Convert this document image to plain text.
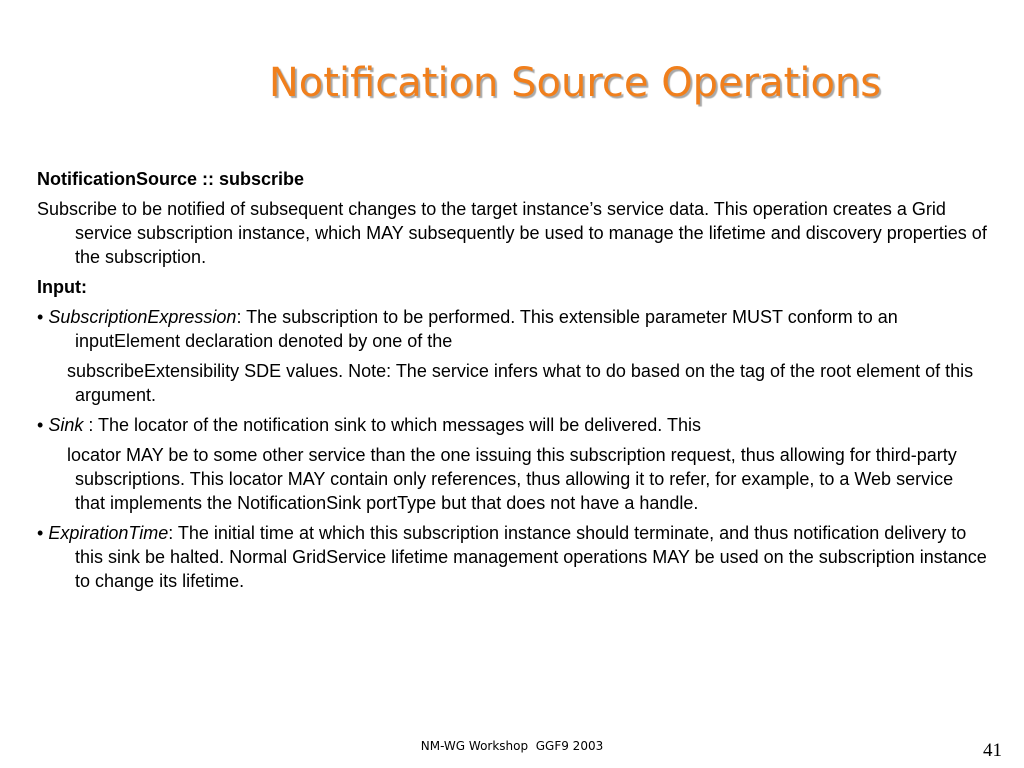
Notification Source Operations

NotificationSource :: subscribe

Subscribe to be notified of subsequent changes to the target instance’s service data. This operation creates a Grid service subscription instance, which MAY subsequently be used to manage the lifetime and discovery properties of the subscription.

Input:

• SubscriptionExpression: The subscription to be performed. This extensible parameter MUST conform to an inputElement declaration denoted by one of the

subscribeExtensibility SDE values. Note: The service infers what to do based on the tag of the root element of this argument.

• Sink : The locator of the notification sink to which messages will be delivered. This

locator MAY be to some other service than the one issuing this subscription request, thus allowing for third-party subscriptions. This locator MAY contain only references, thus allowing it to refer, for example, to a Web service that implements the NotificationSink portType but that does not have a handle.

• ExpirationTime: The initial time at which this subscription instance should terminate, and thus notification delivery to this sink be halted. Normal GridService lifetime management operations MAY be used on the subscription instance to change its lifetime.

NM-WG Workshop  GGF9 2003	41
